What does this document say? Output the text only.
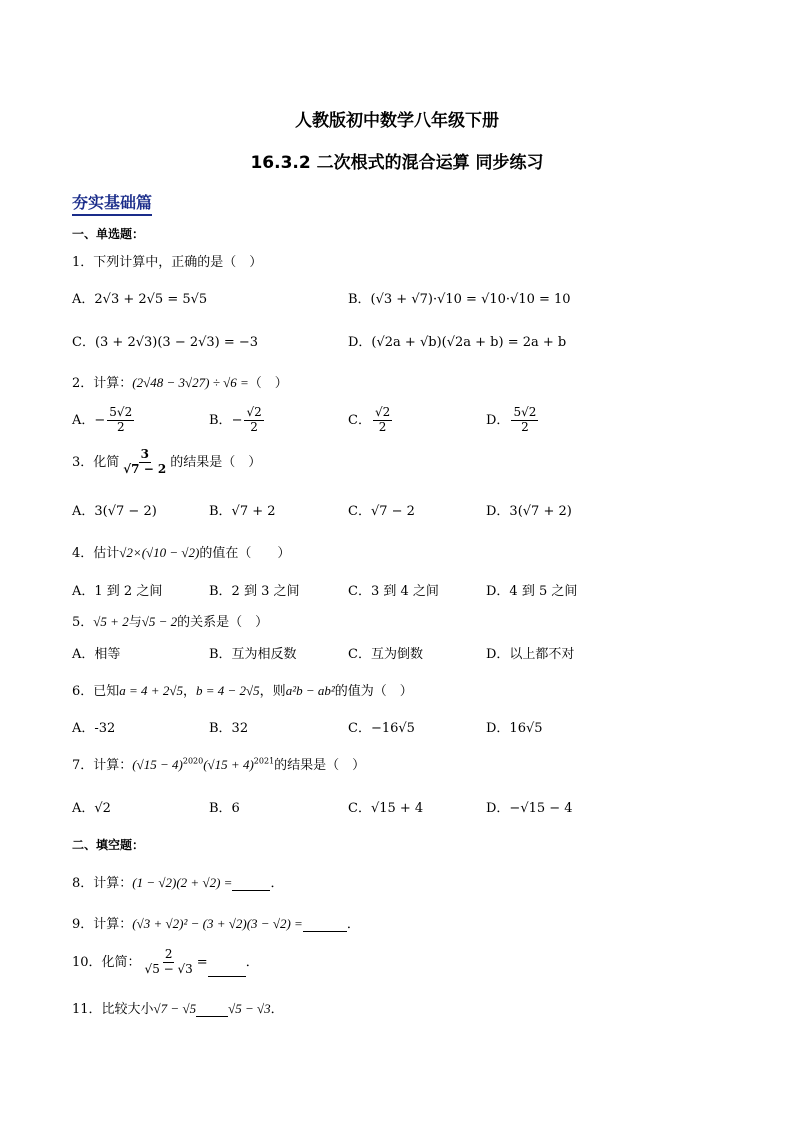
人教版初中数学八年级下册
16.3.2 二次根式的混合运算 同步练习
夯实基础篇
一、单选题：
1．下列计算中，正确的是（　）
A．2√3 + 2√5 = 5√5	B．(√3 + √7)·√10 = √10·√10 = 10
C．(3 + 2√3)(3 − 2√3) = −3	D．(√2a + √b)(√2a + b) = 2a + b
2．计算：(2√48 − 3√27) ÷ √6 =（　）
A．− $\frac{5√2}{2}$	B．− $\frac{√2}{2}$	C． $\frac{√2}{2}$	D． $\frac{5√2}{2}$
3．化简 $\frac{3}{√7 - 2}$ 的结果是（　）
A．3(√7 − 2)	B．√7 + 2	C．√7 − 2	D．3(√7 + 2)
4．估计√2×(√10 − √2)的值在（　　）
A．1 到 2 之间	B．2 到 3 之间	C．3 到 4 之间	D．4 到 5 之间
5．√5 + 2与√5 − 2的关系是（　）
A．相等	B．互为相反数	C．互为倒数	D．以上都不对
6．已知a = 4 + 2√5，b = 4 − 2√5，则a²b − ab²的值为（　）
A．-32	B．32	C．−16√5	D．16√5
7．计算：$(√15 - 4)^{2020}(√15 + 4)^{2021}$的结果是（　）
A．√2	B．6	C．√15 + 4	D．−√15 − 4
二、填空题：
8．计算：(1 − √2)(2 + √2) =	．
9．计算：(√3 + √2)² − (3 + √2)(3 − √2) =	．
10．化简： $\frac{2}{√5 - √3}$ =	．
11．比较大小√7 − √5 √5 − √3．
